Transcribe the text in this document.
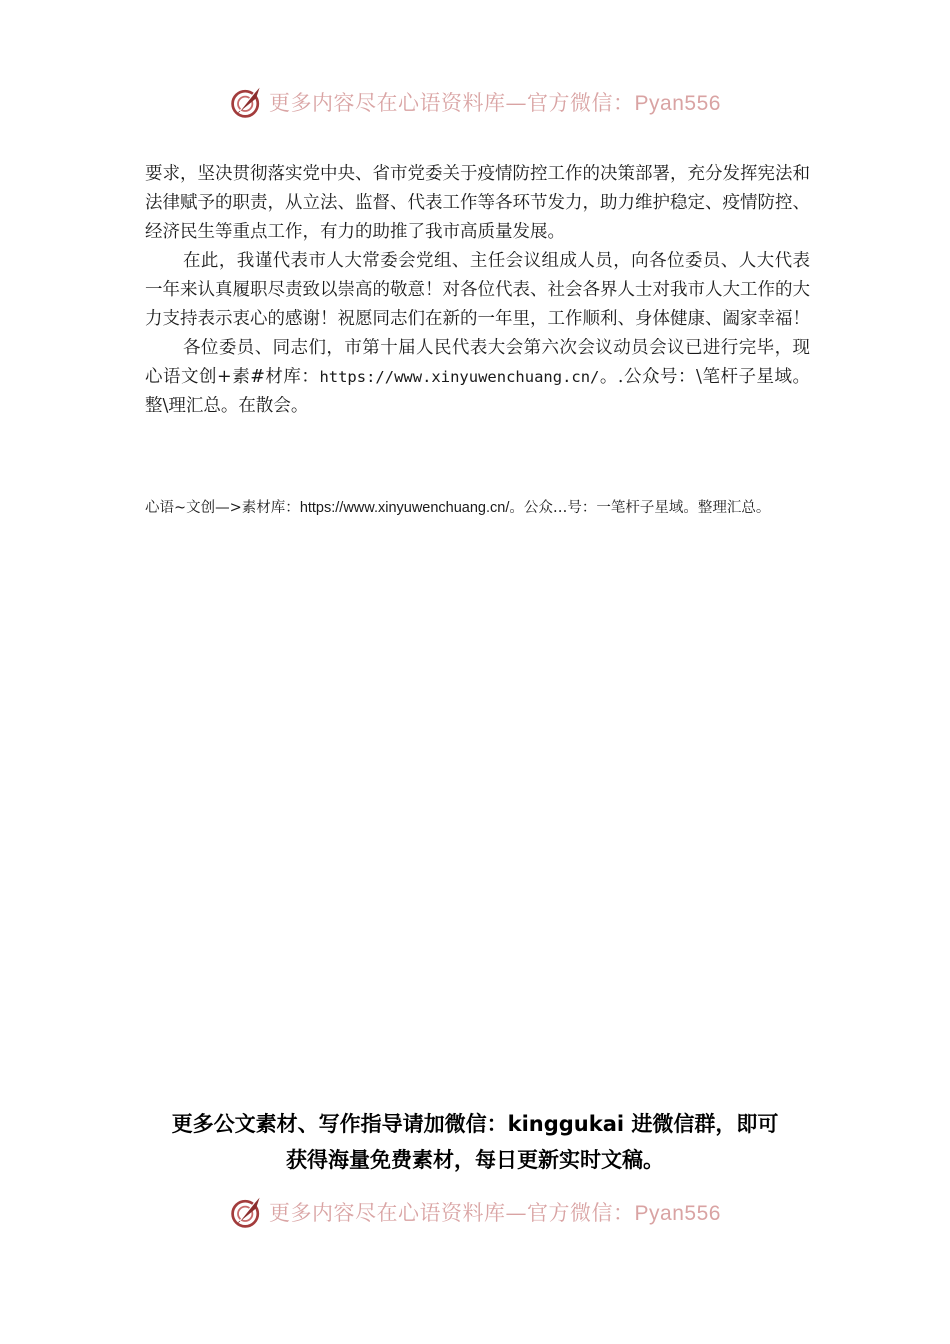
更多内容尽在心语资料库—官方微信：Pyan556

要求，坚决贯彻落实党中央、省市党委关于疫情防控工作的决策部署，充分发挥宪法和法律赋予的职责，从立法、监督、代表工作等各环节发力，助力维护稳定、疫情防控、经济民生等重点工作，有力的助推了我市高质量发展。

在此，我谨代表市人大常委会党组、主任会议组成人员，向各位委员、人大代表一年来认真履职尽责致以崇高的敬意！对各位代表、社会各界人士对我市人大工作的大力支持表示衷心的感谢！祝愿同志们在新的一年里，工作顺利、身体健康、阖家幸福！

各位委员、同志们，市第十届人民代表大会第六次会议动员会议已进行完毕，现心语文创+素#材库：https://www.xinyuwenchuang.cn/。.公众号：\笔杆子星域。整\理汇总。在散会。

心语~文创—>素材库：https://www.xinyuwenchuang.cn/。公众…号：一笔杆子星域。整理汇总。
更多公文素材、写作指导请加微信：kinggukai 进微信群，即可
获得海量免费素材，每日更新实时文稿。
更多内容尽在心语资料库—官方微信：Pyan556
